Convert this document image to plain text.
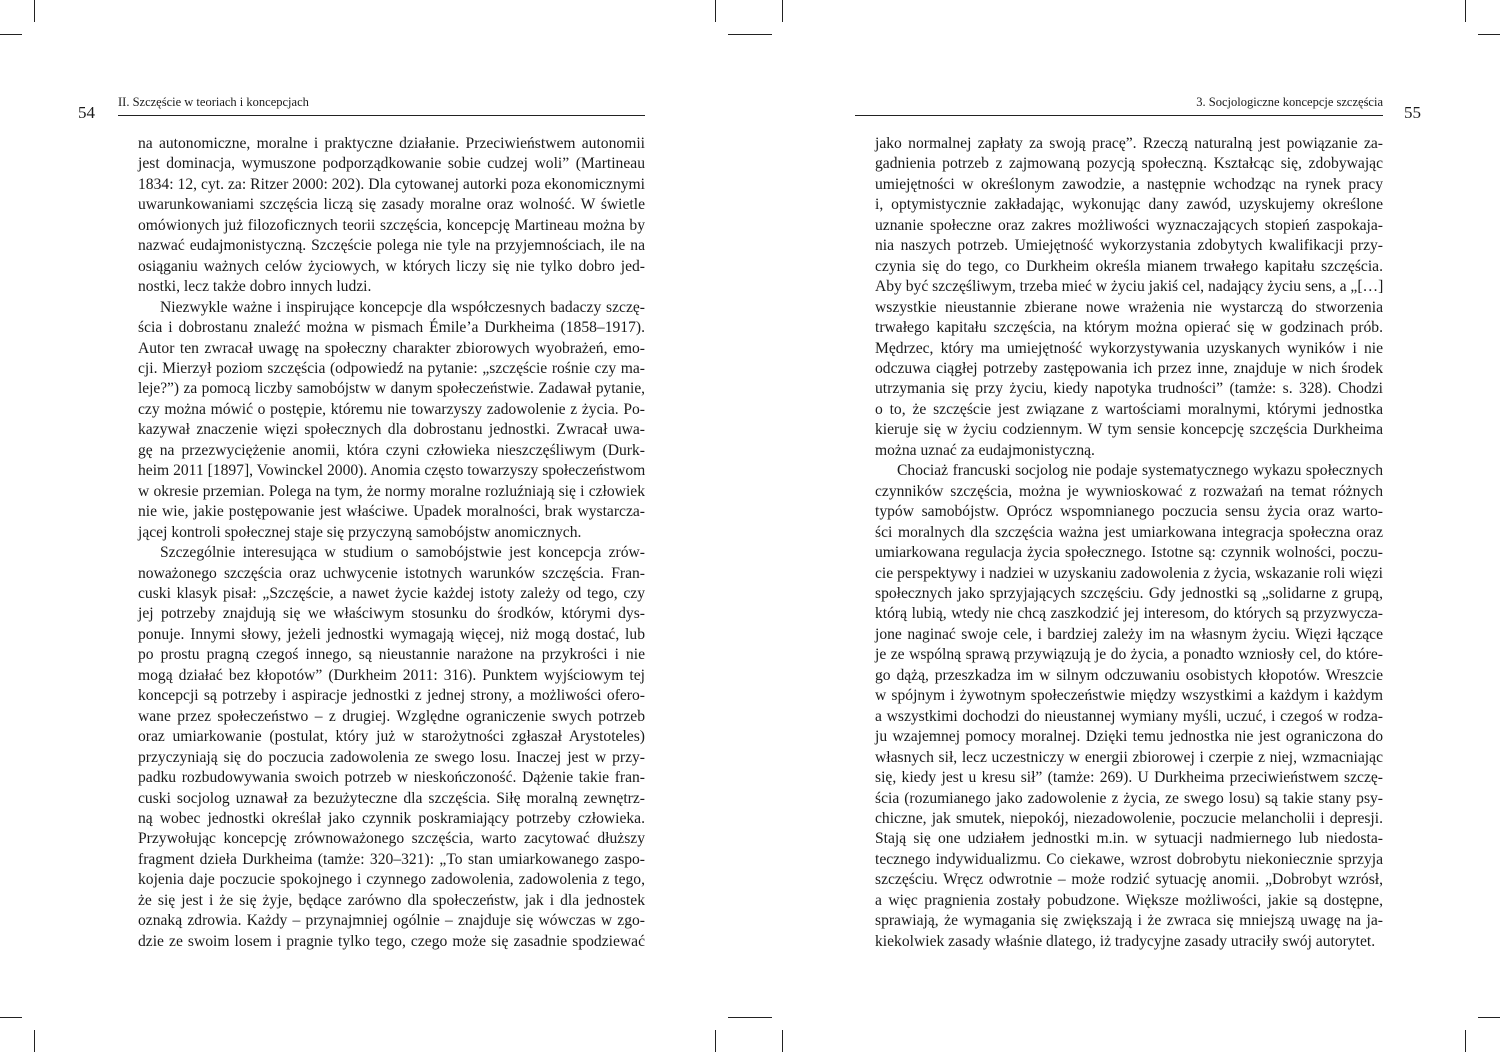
54
II. Szczęście w teoriach i koncepcjach
na autonomiczne, moralne i praktyczne działanie. Przeciwieństwem autonomii
jest dominacja, wymuszone podporządkowanie sobie cudzej woli” (Martineau
1834: 12, cyt. za: Ritzer 2000: 202). Dla cytowanej autorki poza ekonomicznymi
uwarunkowaniami szczęścia liczą się zasady moralne oraz wolność. W świetle
omówionych już filozoficznych teorii szczęścia, koncepcję Martineau można by
nazwać eudajmonistyczną. Szczęście polega nie tyle na przyjemnościach, ile na
osiąganiu ważnych celów życiowych, w których liczy się nie tylko dobro jed-
nostki, lecz także dobro innych ludzi.
Niezwykle ważne i inspirujące koncepcje dla współczesnych badaczy szczę-
ścia i dobrostanu znaleźć można w pismach Émile’a Durkheima (1858–1917).
Autor ten zwracał uwagę na społeczny charakter zbiorowych wyobrażeń, emo-
cji. Mierzył poziom szczęścia (odpowiedź na pytanie: „szczęście rośnie czy ma-
leje?”) za pomocą liczby samobójstw w danym społeczeństwie. Zadawał pytanie,
czy można mówić o postępie, któremu nie towarzyszy zadowolenie z życia. Po-
kazywał znaczenie więzi społecznych dla dobrostanu jednostki. Zwracał uwa-
gę na przezwyciężenie anomii, która czyni człowieka nieszczęśliwym (Durk-
heim 2011 [1897], Vowinckel 2000). Anomia często towarzyszy społeczeństwom
w okresie przemian. Polega na tym, że normy moralne rozluźniają się i człowiek
nie wie, jakie postępowanie jest właściwe. Upadek moralności, brak wystarcza-
jącej kontroli społecznej staje się przyczyną samobójstw anomicznych.
Szczególnie interesująca w studium o samobójstwie jest koncepcja zrów-
noważonego szczęścia oraz uchwycenie istotnych warunków szczęścia. Fran-
cuski klasyk pisał: „Szczęście, a nawet życie każdej istoty zależy od tego, czy
jej potrzeby znajdują się we właściwym stosunku do środków, którymi dys-
ponuje. Innymi słowy, jeżeli jednostki wymagają więcej, niż mogą dostać, lub
po prostu pragną czegoś innego, są nieustannie narażone na przykrości i nie
mogą działać bez kłopotów” (Durkheim 2011: 316). Punktem wyjściowym tej
koncepcji są potrzeby i aspiracje jednostki z jednej strony, a możliwości ofero-
wane przez społeczeństwo – z drugiej. Względne ograniczenie swych potrzeb
oraz umiarkowanie (postulat, który już w starożytności zgłaszał Arystoteles)
przyczyniają się do poczucia zadowolenia ze swego losu. Inaczej jest w przy-
padku rozbudowywania swoich potrzeb w nieskończoność. Dążenie takie fran-
cuski socjolog uznawał za bezużyteczne dla szczęścia. Siłę moralną zewnętrz-
ną wobec jednostki określał jako czynnik poskramiający potrzeby człowieka.
Przywołując koncepcję zrównoważonego szczęścia, warto zacytować dłuższy
fragment dzieła Durkheima (tamże: 320–321): „To stan umiarkowanego zaspo-
kojenia daje poczucie spokojnego i czynnego zadowolenia, zadowolenia z tego,
że się jest i że się żyje, będące zarówno dla społeczeństw, jak i dla jednostek
oznaką zdrowia. Każdy – przynajmniej ogólnie – znajduje się wówczas w zgo-
dzie ze swoim losem i pragnie tylko tego, czego może się zasadnie spodziewać
55
3. Socjologiczne koncepcje szczęścia
jako normalnej zapłaty za swoją pracę”. Rzeczą naturalną jest powiązanie za-
gadnienia potrzeb z zajmowaną pozycją społeczną. Kształcąc się, zdobywając
umiejętności w określonym zawodzie, a następnie wchodząc na rynek pracy
i, optymistycznie zakładając, wykonując dany zawód, uzyskujemy określone
uznanie społeczne oraz zakres możliwości wyznaczających stopień zaspokaja-
nia naszych potrzeb. Umiejętność wykorzystania zdobytych kwalifikacji przy-
czynia się do tego, co Durkheim określa mianem trwałego kapitału szczęścia.
Aby być szczęśliwym, trzeba mieć w życiu jakiś cel, nadający życiu sens, a „[…]
wszystkie nieustannie zbierane nowe wrażenia nie wystarczą do stworzenia
trwałego kapitału szczęścia, na którym można opierać się w godzinach prób.
Mędrzec, który ma umiejętność wykorzystywania uzyskanych wyników i nie
odczuwa ciągłej potrzeby zastępowania ich przez inne, znajduje w nich środek
utrzymania się przy życiu, kiedy napotyka trudności” (tamże: s. 328). Chodzi
o to, że szczęście jest związane z wartościami moralnymi, którymi jednostka
kieruje się w życiu codziennym. W tym sensie koncepcję szczęścia Durkheima
można uznać za eudajmonistyczną.
Chociaż francuski socjolog nie podaje systematycznego wykazu społecznych
czynników szczęścia, można je wywnioskować z rozważań na temat różnych
typów samobójstw. Oprócz wspomnianego poczucia sensu życia oraz warto-
ści moralnych dla szczęścia ważna jest umiarkowana integracja społeczna oraz
umiarkowana regulacja życia społecznego. Istotne są: czynnik wolności, poczu-
cie perspektywy i nadziei w uzyskaniu zadowolenia z życia, wskazanie roli więzi
społecznych jako sprzyjających szczęściu. Gdy jednostki są „solidarne z grupą,
którą lubią, wtedy nie chcą zaszkodzić jej interesom, do których są przyzwycza-
jone naginać swoje cele, i bardziej zależy im na własnym życiu. Więzi łączące
je ze wspólną sprawą przywiązują je do życia, a ponadto wzniosły cel, do które-
go dążą, przeszkadza im w silnym odczuwaniu osobistych kłopotów. Wreszcie
w spójnym i żywotnym społeczeństwie między wszystkimi a każdym i każdym
a wszystkimi dochodzi do nieustannej wymiany myśli, uczuć, i czegoś w rodza-
ju wzajemnej pomocy moralnej. Dzięki temu jednostka nie jest ograniczona do
własnych sił, lecz uczestniczy w energii zbiorowej i czerpie z niej, wzmacniając
się, kiedy jest u kresu sił” (tamże: 269). U Durkheima przeciwieństwem szczę-
ścia (rozumianego jako zadowolenie z życia, ze swego losu) są takie stany psy-
chiczne, jak smutek, niepokój, niezadowolenie, poczucie melancholii i depresji.
Stają się one udziałem jednostki m.in. w sytuacji nadmiernego lub niedosta-
tecznego indywidualizmu. Co ciekawe, wzrost dobrobytu niekoniecznie sprzyja
szczęściu. Wręcz odwrotnie – może rodzić sytuację anomii. „Dobrobyt wzrósł,
a więc pragnienia zostały pobudzone. Większe możliwości, jakie są dostępne,
sprawiają, że wymagania się zwiększają i że zwraca się mniejszą uwagę na ja-
kiekolwiek zasady właśnie dlatego, iż tradycyjne zasady utraciły swój autorytet.
